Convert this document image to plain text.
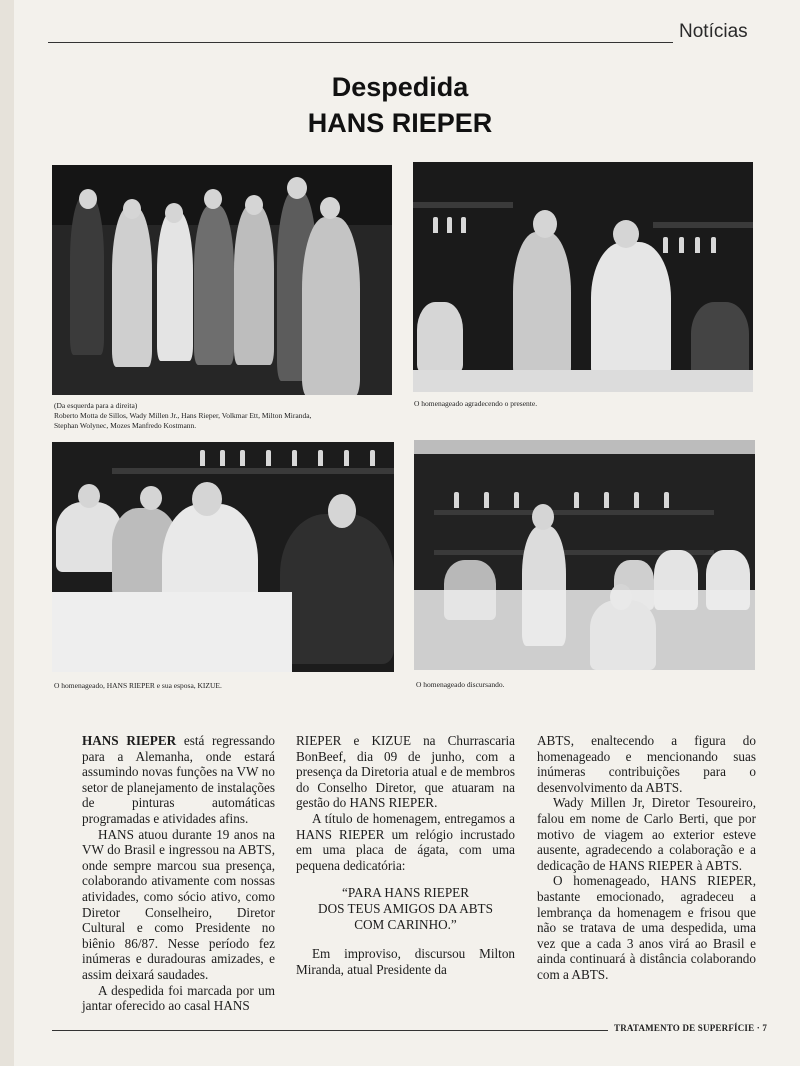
Notícias
Despedida
HANS RIEPER
(Da esquerda para a direita)
Roberto Motta de Sillos, Wady Millen Jr., Hans Rieper, Volkmar Ett, Milton Miranda,
Stephan Wolynec, Mozes Manfredo Kostmann.
O homenageado agradecendo o presente.
O homenageado, HANS RIEPER e sua esposa, KIZUE.	O homenageado discursando.

HANS RIEPER está regressando para a Alemanha, onde estará assumindo novas funções na VW no setor de planejamento de instalações de pinturas automáticas programadas e atividades afins.

HANS atuou durante 19 anos na VW do Brasil e ingressou na ABTS, onde sempre marcou sua presença, colaborando ativamente com nossas atividades, como sócio ativo, como Diretor Conselheiro, Diretor Cultural e como Presidente no biênio 86/87. Nesse período fez inúmeras e duradouras amizades, e assim deixará saudades.

A despedida foi marcada por um jantar oferecido ao casal HANS

RIEPER e KIZUE na Churrascaria BonBeef, dia 09 de junho, com a presença da Diretoria atual e de membros do Conselho Diretor, que atuaram na gestão do HANS RIEPER.

A título de homenagem, entregamos a HANS RIEPER um relógio incrustado em uma placa de ágata, com uma pequena dedicatória:

“PARA HANS RIEPER
DOS TEUS AMIGOS DA ABTS
COM CARINHO.”

Em improviso, discursou Milton Miranda, atual Presidente da

ABTS, enaltecendo a figura do homenageado e mencionando suas inúmeras contribuições para o desenvolvimento da ABTS.

Wady Millen Jr, Diretor Tesoureiro, falou em nome de Carlo Berti, que por motivo de viagem ao exterior esteve ausente, agradecendo a colaboração e a dedicação de HANS RIEPER à ABTS.

O homenageado, HANS RIEPER, bastante emocionado, agradeceu a lembrança da homenagem e frisou que não se tratava de uma despedida, uma vez que a cada 3 anos virá ao Brasil e ainda continuará à distância colaborando com a ABTS.

TRATAMENTO DE SUPERFÍCIE · 7
